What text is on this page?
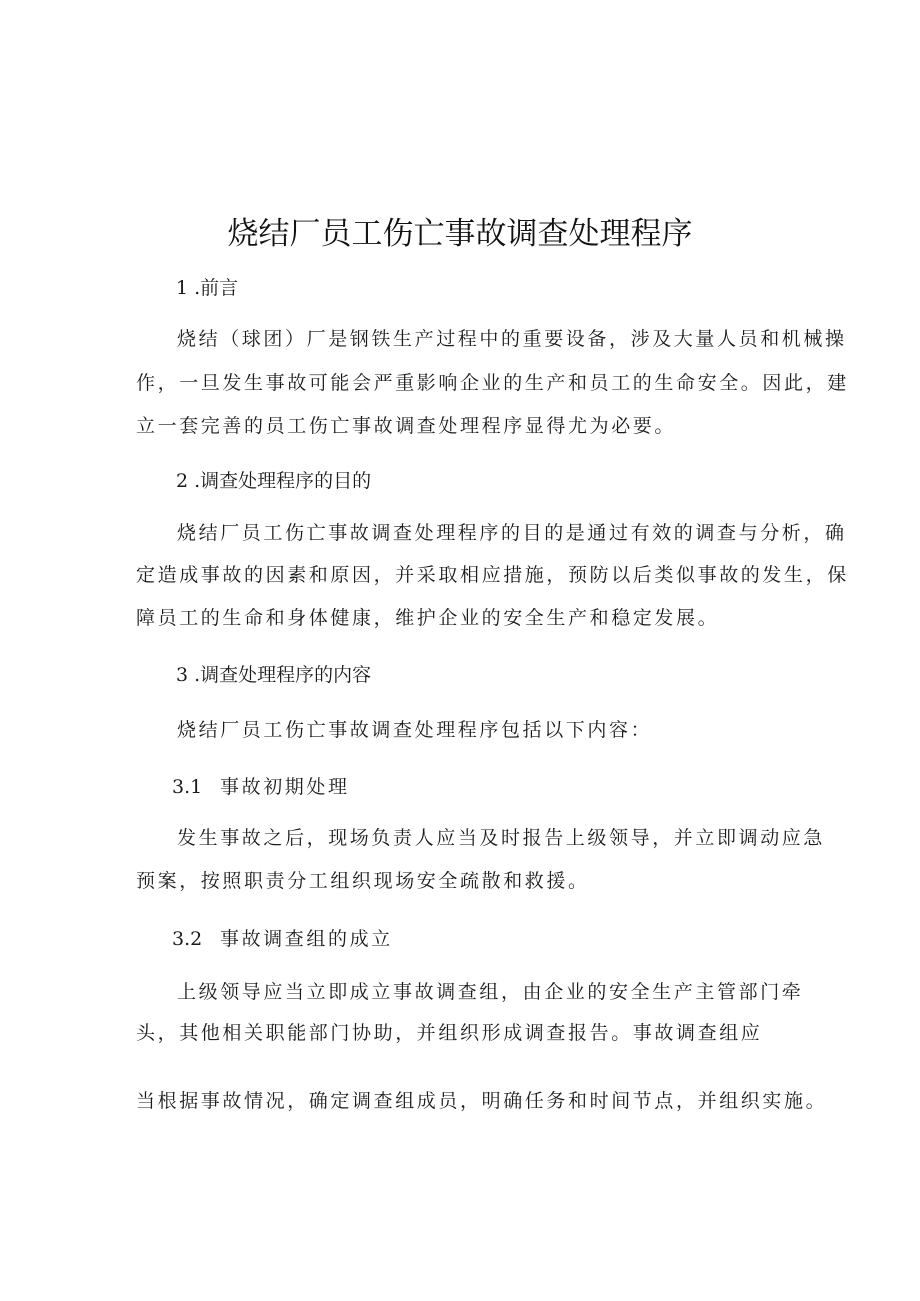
烧结厂员工伤亡事故调查处理程序
1 .前言
烧结（球团）厂是钢铁生产过程中的重要设备，涉及大量人员和机械操
作，一旦发生事故可能会严重影响企业的生产和员工的生命安全。因此，建
立一套完善的员工伤亡事故调查处理程序显得尤为必要。
2 .调查处理程序的目的
烧结厂员工伤亡事故调查处理程序的目的是通过有效的调查与分析，确
定造成事故的因素和原因，并采取相应措施，预防以后类似事故的发生，保
障员工的生命和身体健康，维护企业的安全生产和稳定发展。
3 .调查处理程序的内容
烧结厂员工伤亡事故调查处理程序包括以下内容：
3.1 事故初期处理
发生事故之后，现场负责人应当及时报告上级领导，并立即调动应急
预案，按照职责分工组织现场安全疏散和救援。
3.2 事故调查组的成立
上级领导应当立即成立事故调查组，由企业的安全生产主管部门牵
头，其他相关职能部门协助，并组织形成调查报告。事故调查组应
当根据事故情况，确定调查组成员，明确任务和时间节点，并组织实施。
